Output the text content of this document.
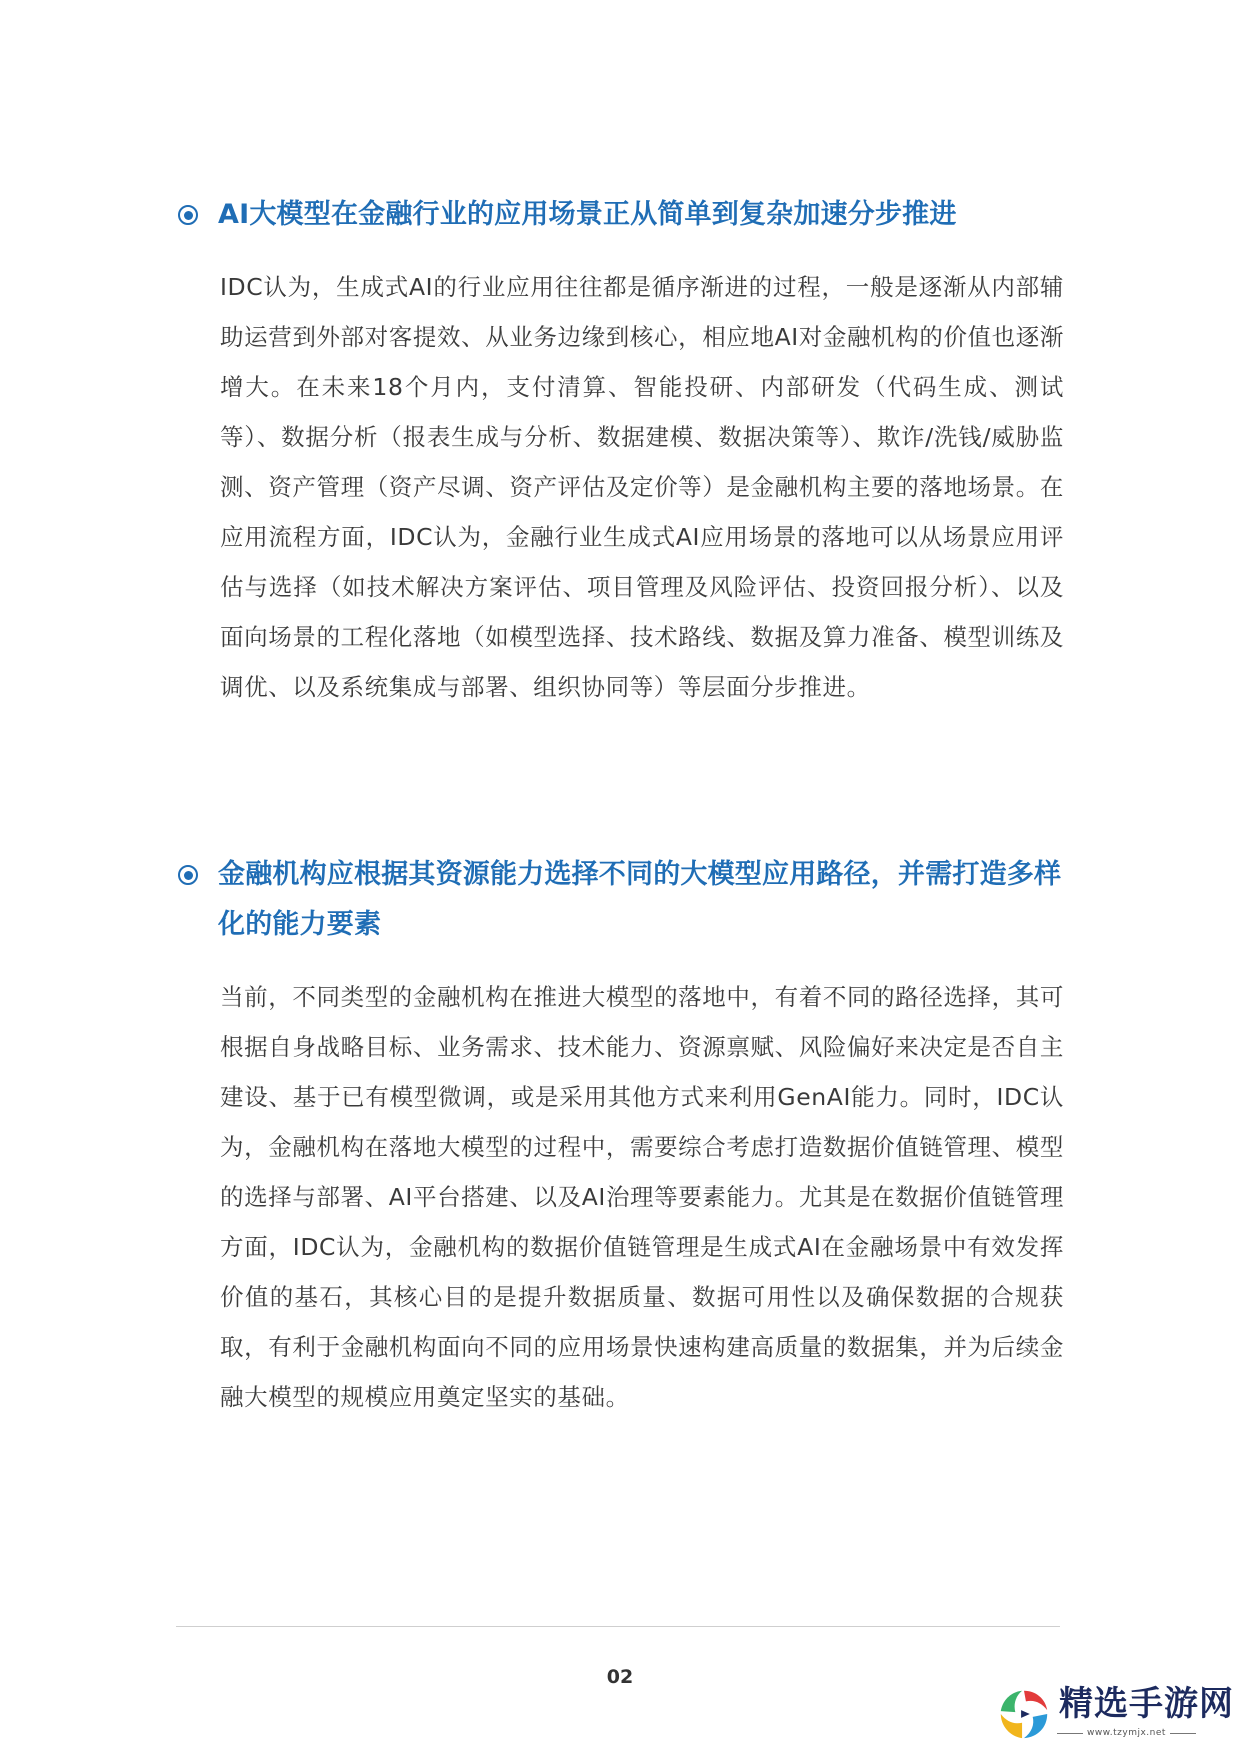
AI大模型在金融行业的应用场景正从简单到复杂加速分步推进

IDC认为，生成式AI的行业应用往往都是循序渐进的过程，一般是逐渐从内部辅助运营到外部对客提效、从业务边缘到核心，相应地AI对金融机构的价值也逐渐增大。在未来18个月内，支付清算、智能投研、内部研发（代码生成、测试等）、数据分析（报表生成与分析、数据建模、数据决策等）、欺诈/洗钱/威胁监测、资产管理（资产尽调、资产评估及定价等）是金融机构主要的落地场景。在应用流程方面，IDC认为，金融行业生成式AI应用场景的落地可以从场景应用评估与选择（如技术解决方案评估、项目管理及风险评估、投资回报分析）、以及面向场景的工程化落地（如模型选择、技术路线、数据及算力准备、模型训练及调优、以及系统集成与部署、组织协同等）等层面分步推进。

金融机构应根据其资源能力选择不同的大模型应用路径，并需打造多样化的能力要素

当前，不同类型的金融机构在推进大模型的落地中，有着不同的路径选择，其可根据自身战略目标、业务需求、技术能力、资源禀赋、风险偏好来决定是否自主建设、基于已有模型微调，或是采用其他方式来利用GenAI能力。同时，IDC认为，金融机构在落地大模型的过程中，需要综合考虑打造数据价值链管理、模型的选择与部署、AI平台搭建、以及AI治理等要素能力。尤其是在数据价值链管理方面，IDC认为，金融机构的数据价值链管理是生成式AI在金融场景中有效发挥价值的基石，其核心目的是提升数据质量、数据可用性以及确保数据的合规获取，有利于金融机构面向不同的应用场景快速构建高质量的数据集，并为后续金融大模型的规模应用奠定坚实的基础。

02
精选手游网
www.tzymjx.net
